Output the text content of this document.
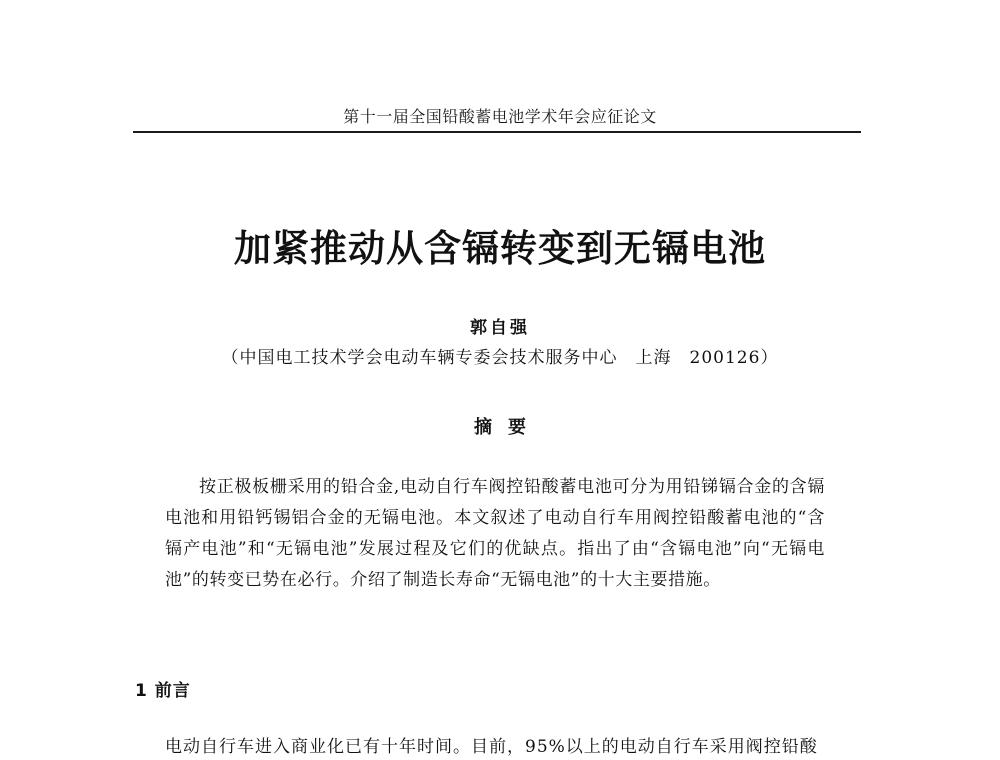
第十一届全国铅酸蓄电池学术年会应征论文
加紧推动从含镉转变到无镉电池
郭自强
（中国电工技术学会电动车辆专委会技术服务中心　上海　200126）
摘要

按正极板栅采用的铅合金,电动自行车阀控铅酸蓄电池可分为用铅锑镉合金的含镉电池和用铅钙锡铝合金的无镉电池。本文叙述了电动自行车用阀控铅酸蓄电池的“含镉产电池”和“无镉电池”发展过程及它们的优缺点。指出了由“含镉电池”向“无镉电池”的转变已势在必行。介绍了制造长寿命“无镉电池”的十大主要措施。

1 前言

电动自行车进入商业化已有十年时间。目前，95%以上的电动自行车采用阀控铅酸
